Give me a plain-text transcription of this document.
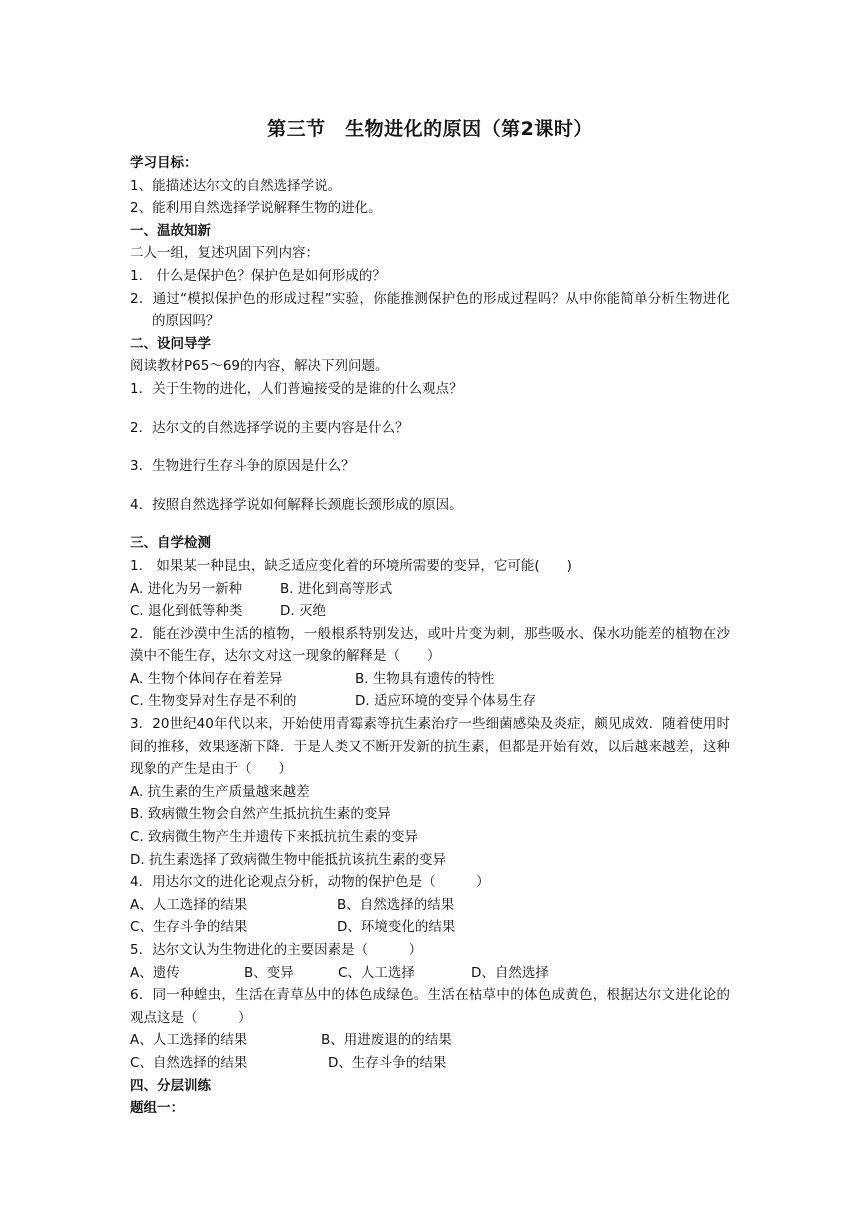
第三节　生物进化的原因（第2课时）
学习目标：
1、能描述达尔文的自然选择学说。
2、能利用自然选择学说解释生物的进化。
一、温故知新
二人一组，复述巩固下列内容：
1.　什么是保护色？保护色是如何形成的？
2．通过“模拟保护色的形成过程”实验，你能推测保护色的形成过程吗？从中你能简单分析生物进化的原因吗？
二、设问导学
阅读教材P65～69的内容，解决下列问题。
1．关于生物的进化，人们普遍接受的是谁的什么观点？
2．达尔文的自然选择学说的主要内容是什么？
3．生物进行生存斗争的原因是什么？
4．按照自然选择学说如何解释长颈鹿长颈形成的原因。
三、自学检测
1.　如果某一种昆虫，缺乏适应变化着的环境所需要的变异，它可能(　　)
A. 进化为另一新种	B. 进化到高等形式
C. 退化到低等种类	D. 灭绝
2．能在沙漠中生活的植物，一般根系特别发达，或叶片变为刺，那些吸水、保水功能差的植物在沙漠中不能生存，达尔文对这一现象的解释是（　　）
A. 生物个体间存在着差异	B. 生物具有遗传的特性
C. 生物变异对生存是不利的	D. 适应环境的变异个体易生存
3．20世纪40年代以来，开始使用青霉素等抗生素治疗一些细菌感染及炎症，颇见成效．随着使用时间的推移，效果逐渐下降．于是人类又不断开发新的抗生素，但都是开始有效，以后越来越差，这种现象的产生是由于（　　）
A. 抗生素的生产质量越来越差
B. 致病微生物会自然产生抵抗抗生素的变异
C. 致病微生物产生并遗传下来抵抗抗生素的变异
D. 抗生素选择了致病微生物中能抵抗该抗生素的变异
4．用达尔文的进化论观点分析，动物的保护色是（　　　）
A、人工选择的结果	B、自然选择的结果
C、生存斗争的结果	D、环境变化的结果
5．达尔文认为生物进化的主要因素是（　　　）
A、遗传	B、变异	C、人工选择	D、自然选择
6．同一种蝗虫，生活在青草丛中的体色成绿色。生活在枯草中的体色成黄色，根据达尔文进化论的观点这是（　　　）
A、人工选择的结果	B、用进废退的的结果
C、自然选择的结果	D、生存斗争的结果
四、分层训练
题组一：
